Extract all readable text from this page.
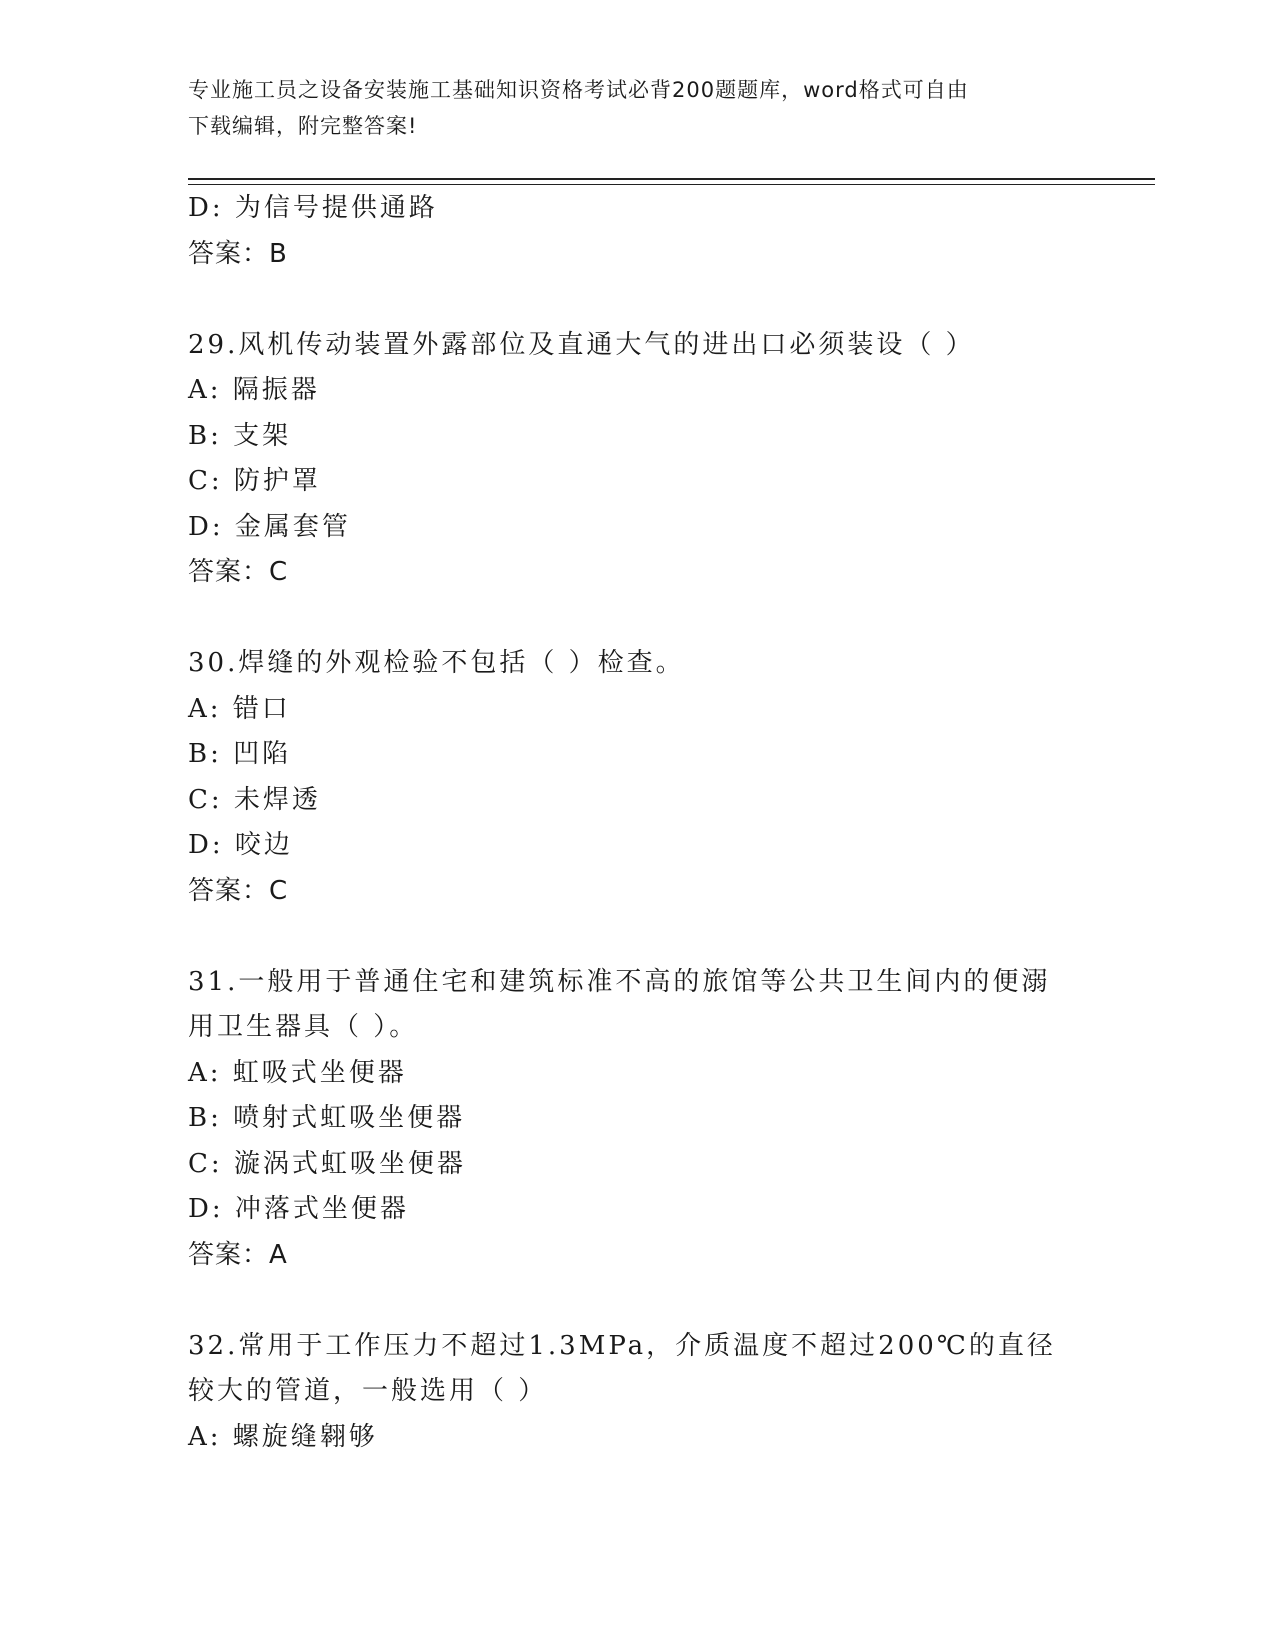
专业施工员之设备安装施工基础知识资格考试必背200题题库，word格式可自由
下载编辑，附完整答案!
D: 为信号提供通路
答案：B
29.风机传动装置外露部位及直通大气的进出口必须装设（ ）
A: 隔振器
B: 支架
C: 防护罩
D: 金属套管
答案：C
30.焊缝的外观检验不包括（ ）检查。
A: 错口
B: 凹陷
C: 未焊透
D: 咬边
答案：C
31.一般用于普通住宅和建筑标准不高的旅馆等公共卫生间内的便溺用卫生器具（ ）。
A: 虹吸式坐便器
B: 喷射式虹吸坐便器
C: 漩涡式虹吸坐便器
D: 冲落式坐便器
答案：A
32.常用于工作压力不超过1.3MPa，介质温度不超过200℃的直径较大的管道，一般选用（ ）
A: 螺旋缝翱够
